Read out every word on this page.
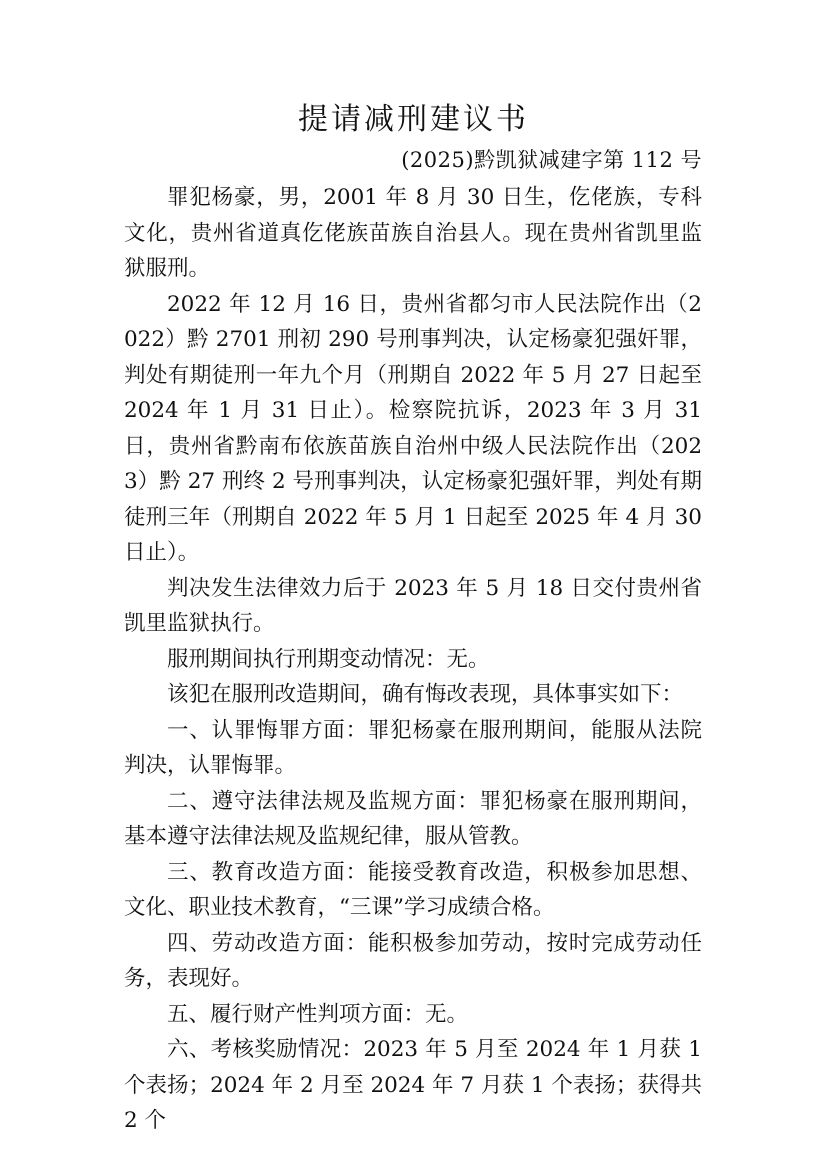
提请减刑建议书
(2025)黔凯狱减建字第 112 号

罪犯杨豪，男，2001 年 8 月 30 日生，仡佬族，专科文化，贵州省道真仡佬族苗族自治县人。现在贵州省凯里监狱服刑。

2022 年 12 月 16 日，贵州省都匀市人民法院作出（2022）黔 2701 刑初 290 号刑事判决，认定杨豪犯强奸罪，判处有期徒刑一年九个月（刑期自 2022 年 5 月 27 日起至 2024 年 1 月 31 日止）。检察院抗诉，2023 年 3 月 31 日，贵州省黔南布依族苗族自治州中级人民法院作出（2023）黔 27 刑终 2 号刑事判决，认定杨豪犯强奸罪，判处有期徒刑三年（刑期自 2022 年 5 月 1 日起至 2025 年 4 月 30 日止）。

判决发生法律效力后于 2023 年 5 月 18 日交付贵州省凯里监狱执行。

服刑期间执行刑期变动情况：无。

该犯在服刑改造期间，确有悔改表现，具体事实如下：

一、认罪悔罪方面：罪犯杨豪在服刑期间，能服从法院判决，认罪悔罪。

二、遵守法律法规及监规方面：罪犯杨豪在服刑期间，基本遵守法律法规及监规纪律，服从管教。

三、教育改造方面：能接受教育改造，积极参加思想、文化、职业技术教育，“三课”学习成绩合格。

四、劳动改造方面：能积极参加劳动，按时完成劳动任务，表现好。

五、履行财产性判项方面：无。

六、考核奖励情况：2023 年 5 月至 2024 年 1 月获 1 个表扬；2024 年 2 月至 2024 年 7 月获 1 个表扬；获得共 2 个
